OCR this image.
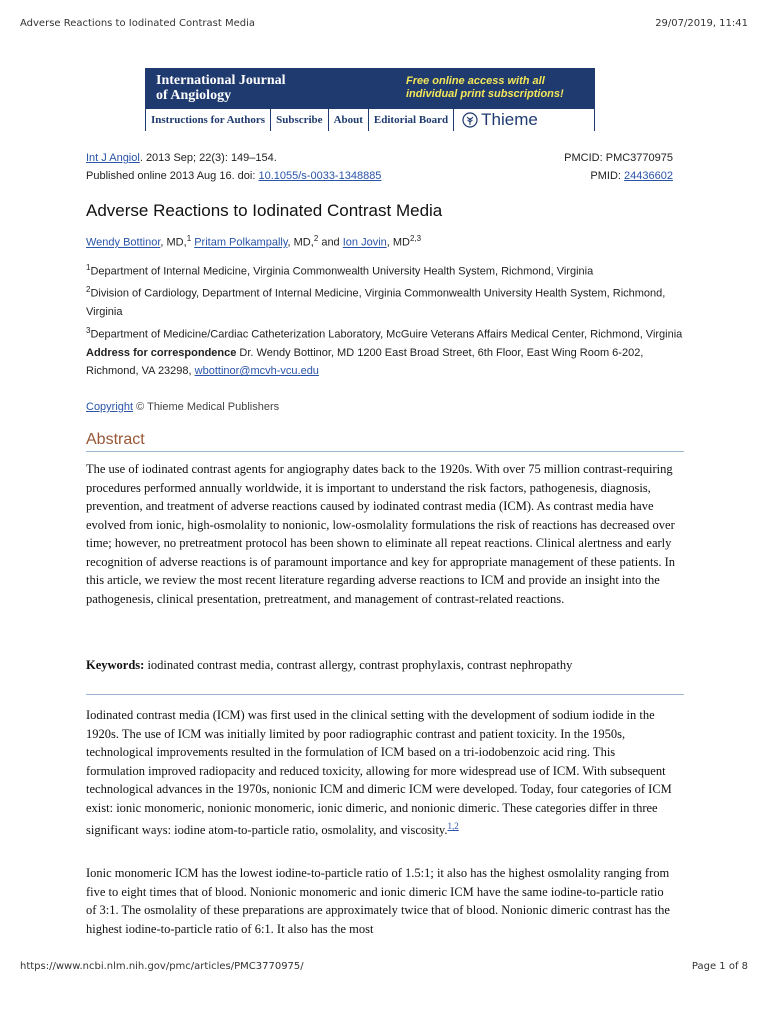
Adverse Reactions to Iodinated Contrast Media	29/07/2019, 11:41
International Journal
of Angiology
Free online access with all
individual print subscriptions!
Instructions for Authors	Subscribe	About	Editorial Board	Thieme
Int J Angiol. 2013 Sep; 22(3): 149–154.
Published online 2013 Aug 16. doi: 10.1055/s-0033-1348885
PMCID: PMC3770975
PMID: 24436602
Adverse Reactions to Iodinated Contrast Media
Wendy Bottinor, MD,$^1$ Pritam Polkampally, MD,$^2$ and Ion Jovin, MD$^{2,3}$

$^1$Department of Internal Medicine, Virginia Commonwealth University Health System, Richmond, Virginia

$^2$Division of Cardiology, Department of Internal Medicine, Virginia Commonwealth University Health System, Richmond, Virginia

$^3$Department of Medicine/Cardiac Catheterization Laboratory, McGuire Veterans Affairs Medical Center, Richmond, Virginia

Address for correspondence Dr. Wendy Bottinor, MD 1200 East Broad Street, 6th Floor, East Wing Room 6-202, Richmond, VA 23298, wbottinor@mcvh-vcu.edu

Copyright © Thieme Medical Publishers
Abstract

The use of iodinated contrast agents for angiography dates back to the 1920s. With over 75 million contrast-requiring procedures performed annually worldwide, it is important to understand the risk factors, pathogenesis, diagnosis, prevention, and treatment of adverse reactions caused by iodinated contrast media (ICM). As contrast media have evolved from ionic, high-osmolality to nonionic, low-osmolality formulations the risk of reactions has decreased over time; however, no pretreatment protocol has been shown to eliminate all repeat reactions. Clinical alertness and early recognition of adverse reactions is of paramount importance and key for appropriate management of these patients. In this article, we review the most recent literature regarding adverse reactions to ICM and provide an insight into the pathogenesis, clinical presentation, pretreatment, and management of contrast-related reactions.

Keywords: iodinated contrast media, contrast allergy, contrast prophylaxis, contrast nephropathy

Iodinated contrast media (ICM) was first used in the clinical setting with the development of sodium iodide in the 1920s. The use of ICM was initially limited by poor radiographic contrast and patient toxicity. In the 1950s, technological improvements resulted in the formulation of ICM based on a tri-iodobenzoic acid ring. This formulation improved radiopacity and reduced toxicity, allowing for more widespread use of ICM. With subsequent technological advances in the 1970s, nonionic ICM and dimeric ICM were developed. Today, four categories of ICM exist: ionic monomeric, nonionic monomeric, ionic dimeric, and nonionic dimeric. These categories differ in three significant ways: iodine atom-to-particle ratio, osmolality, and viscosity.$^{1,2}$

Ionic monomeric ICM has the lowest iodine-to-particle ratio of 1.5:1; it also has the highest osmolality ranging from five to eight times that of blood. Nonionic monomeric and ionic dimeric ICM have the same iodine-to-particle ratio of 3:1. The osmolality of these preparations are approximately twice that of blood. Nonionic dimeric contrast has the highest iodine-to-particle ratio of 6:1. It also has the most

https://www.ncbi.nlm.nih.gov/pmc/articles/PMC3770975/	Page 1 of 8
